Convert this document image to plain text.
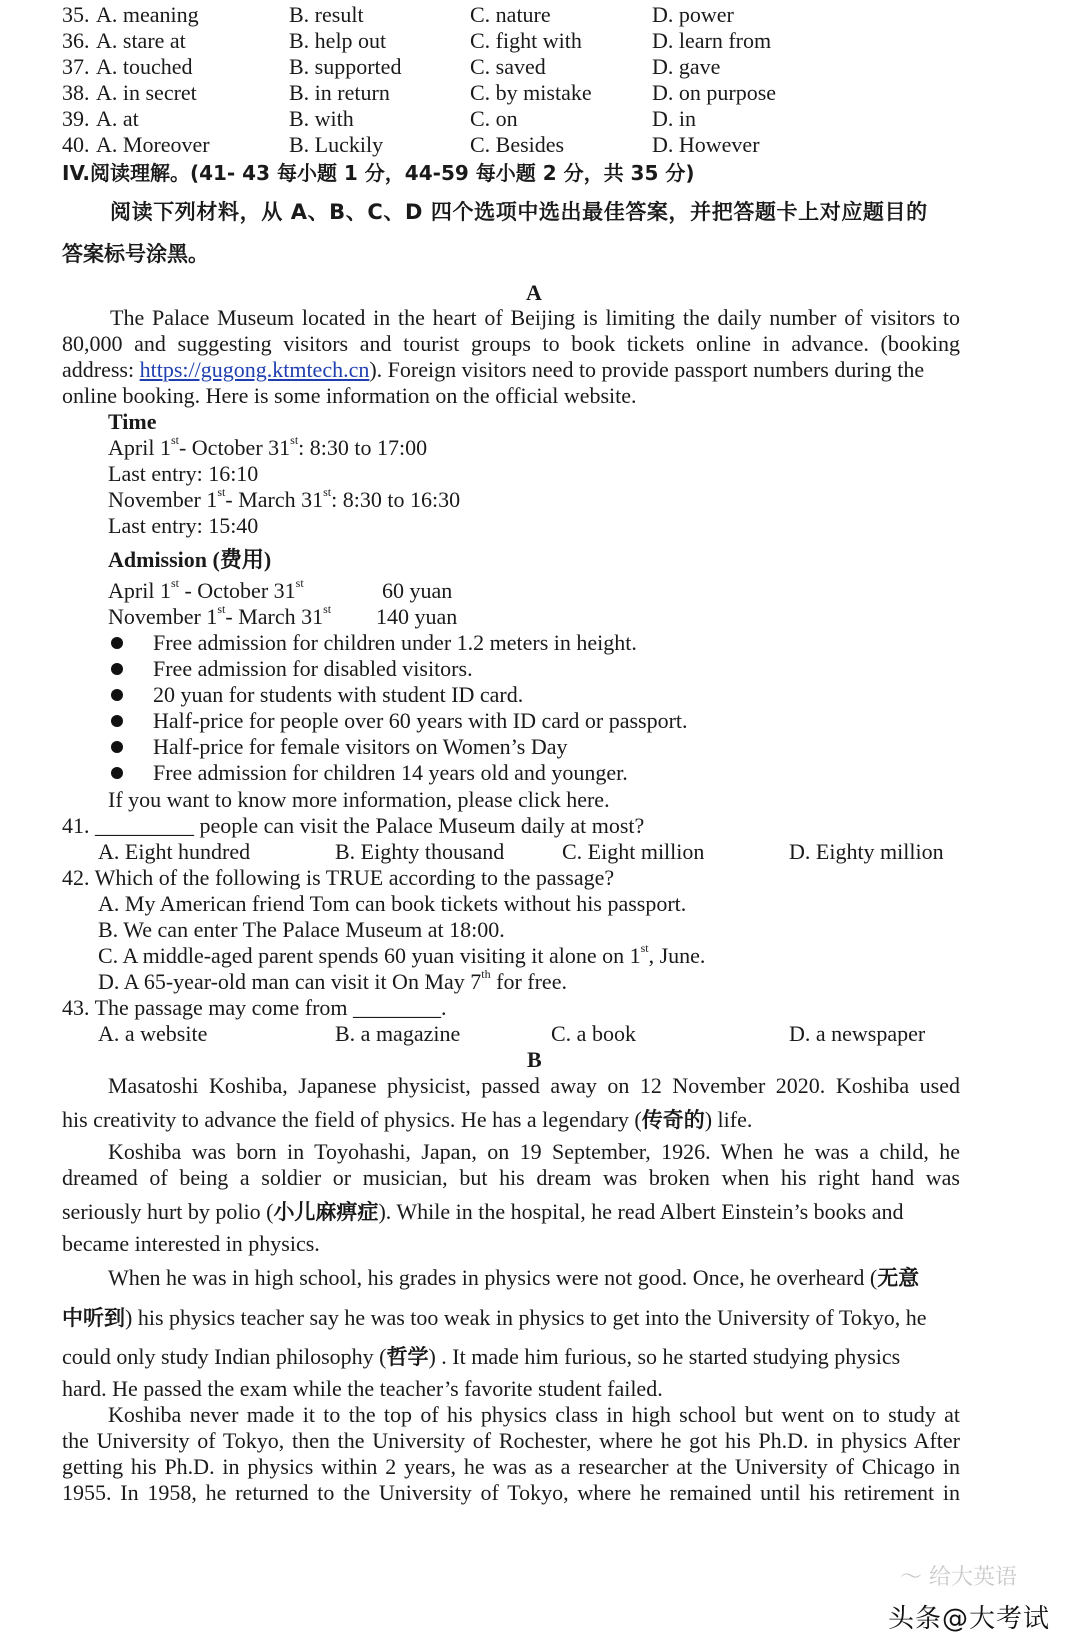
35. A. meaning	B. result	C. nature	D. power
36. A. stare at	B. help out	C. fight with	D. learn from
37. A. touched	B. supported	C. saved	D. gave
38. A. in secret	B. in return	C. by mistake	D. on purpose
39. A. at	B. with	C. on	D. in
40. A. Moreover	B. Luckily	C. Besides	D. However
IV.阅读理解。(41- 43 每小题 1 分，44-59 每小题 2 分，共 35 分)
阅读下列材料，从 A、B、C、D 四个选项中选出最佳答案，并把答题卡上对应题目的
答案标号涂黑。
A
The Palace Museum located in the heart of Beijing is limiting the daily number of visitors to
80,000 and suggesting visitors and tourist groups to book tickets online in advance. (booking
address: https://gugong.ktmtech.cn). Foreign visitors need to provide passport numbers during the
online booking. Here is some information on the official website.
Time
April 1st- October 31st: 8:30 to 17:00
Last entry: 16:10
November 1st- March 31st: 8:30 to 16:30
Last entry: 15:40
Admission (费用)
April 1st - October 31st	60 yuan
November 1st- March 31st 140 yuan
Free admission for children under 1.2 meters in height.
Free admission for disabled visitors.
20 yuan for students with student ID card.
Half-price for people over 60 years with ID card or passport.
Half-price for female visitors on Women’s Day
Free admission for children 14 years old and younger.
If you want to know more information, please click here.
41. _________ people can visit the Palace Museum daily at most?
A. Eight hundred	B. Eighty thousand	C. Eight million	D. Eighty million
42. Which of the following is TRUE according to the passage?
A. My American friend Tom can book tickets without his passport.
B. We can enter The Palace Museum at 18:00.
C. A middle-aged parent spends 60 yuan visiting it alone on 1st, June.
D. A 65-year-old man can visit it On May 7th for free.
43. The passage may come from ________.
A. a website	B. a magazine	C. a book	D. a newspaper
B
Masatoshi Koshiba, Japanese physicist, passed away on 12 November 2020. Koshiba used
his creativity to advance the field of physics. He has a legendary (传奇的) life.
Koshiba was born in Toyohashi, Japan, on 19 September, 1926. When he was a child, he
dreamed of being a soldier or musician, but his dream was broken when his right hand was
seriously hurt by polio (小儿麻痹症). While in the hospital, he read Albert Einstein’s books and
became interested in physics.
When he was in high school, his grades in physics were not good. Once, he overheard (无意
中听到) his physics teacher say he was too weak in physics to get into the University of Tokyo, he
could only study Indian philosophy (哲学) . It made him furious, so he started studying physics
hard. He passed the exam while the teacher’s favorite student failed.
Koshiba never made it to the top of his physics class in high school but went on to study at
the University of Tokyo, then the University of Rochester, where he got his Ph.D. in physics After
getting his Ph.D. in physics within 2 years, he was as a researcher at the University of Chicago in
1955. In 1958, he returned to the University of Tokyo, where he remained until his retirement in
～ 给大英语
头条@大考试
